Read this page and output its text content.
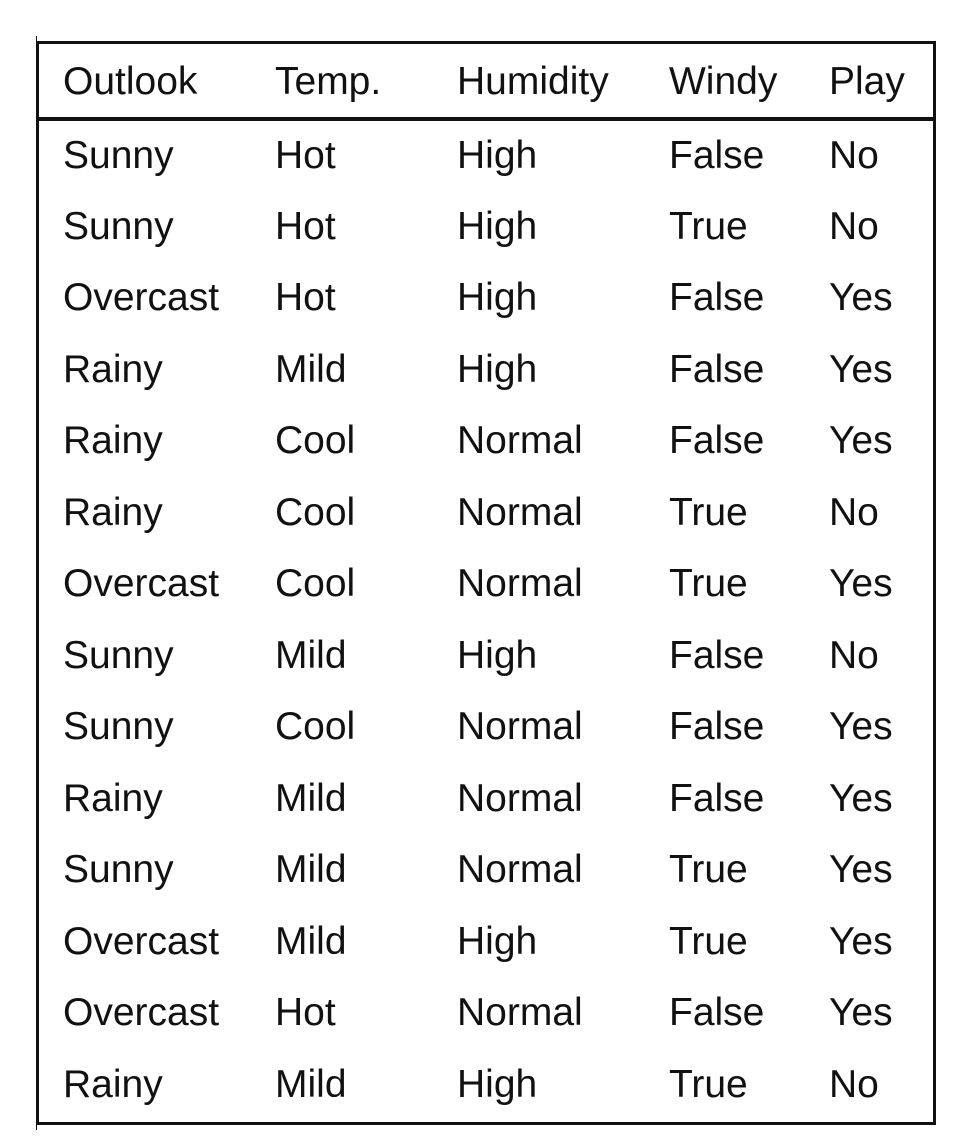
Outlook	Temp.	Humidity	Windy	Play
Sunny	Hot	High	False	No
Sunny	Hot	High	True	No
Overcast	Hot	High	False	Yes
Rainy	Mild	High	False	Yes
Rainy	Cool	Normal	False	Yes
Rainy	Cool	Normal	True	No
Overcast	Cool	Normal	True	Yes
Sunny	Mild	High	False	No
Sunny	Cool	Normal	False	Yes
Rainy	Mild	Normal	False	Yes
Sunny	Mild	Normal	True	Yes
Overcast	Mild	High	True	Yes
Overcast	Hot	Normal	False	Yes
Rainy	Mild	High	True	No
